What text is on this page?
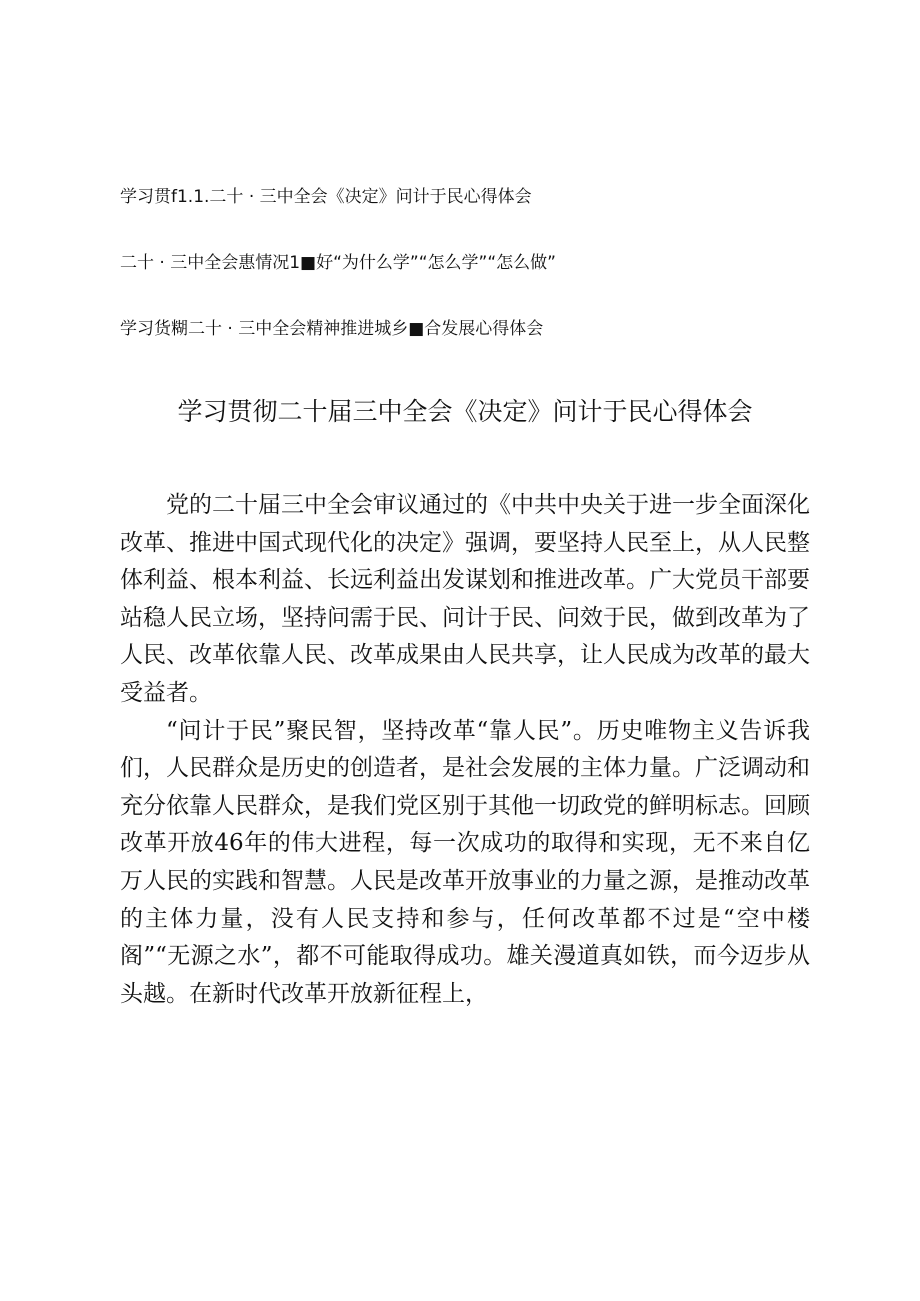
学习贯f1.1.二十 · 三中全会《决定》问计于民心得体会
二十 · 三中全会惠情况1■好“为什么学”“怎么学”“怎么做”
学习货糊二十 · 三中全会精神推进城乡■合发展心得体会
学习贯彻二十届三中全会《决定》问计于民心得体会

党的二十届三中全会审议通过的《中共中央关于进一步全面深化改革、推进中国式现代化的决定》强调，要坚持人民至上，从人民整体利益、根本利益、长远利益出发谋划和推进改革。广大党员干部要站稳人民立场，坚持问需于民、问计于民、问效于民，做到改革为了人民、改革依靠人民、改革成果由人民共享，让人民成为改革的最大受益者。

“问计于民”聚民智，坚持改革“靠人民”。历史唯物主义告诉我们，人民群众是历史的创造者，是社会发展的主体力量。广泛调动和充分依靠人民群众，是我们党区别于其他一切政党的鲜明标志。回顾改革开放46年的伟大进程，每一次成功的取得和实现，无不来自亿万人民的实践和智慧。人民是改革开放事业的力量之源，是推动改革的主体力量，没有人民支持和参与，任何改革都不过是“空中楼阁”“无源之水”，都不可能取得成功。雄关漫道真如铁，而今迈步从头越。在新时代改革开放新征程上，
